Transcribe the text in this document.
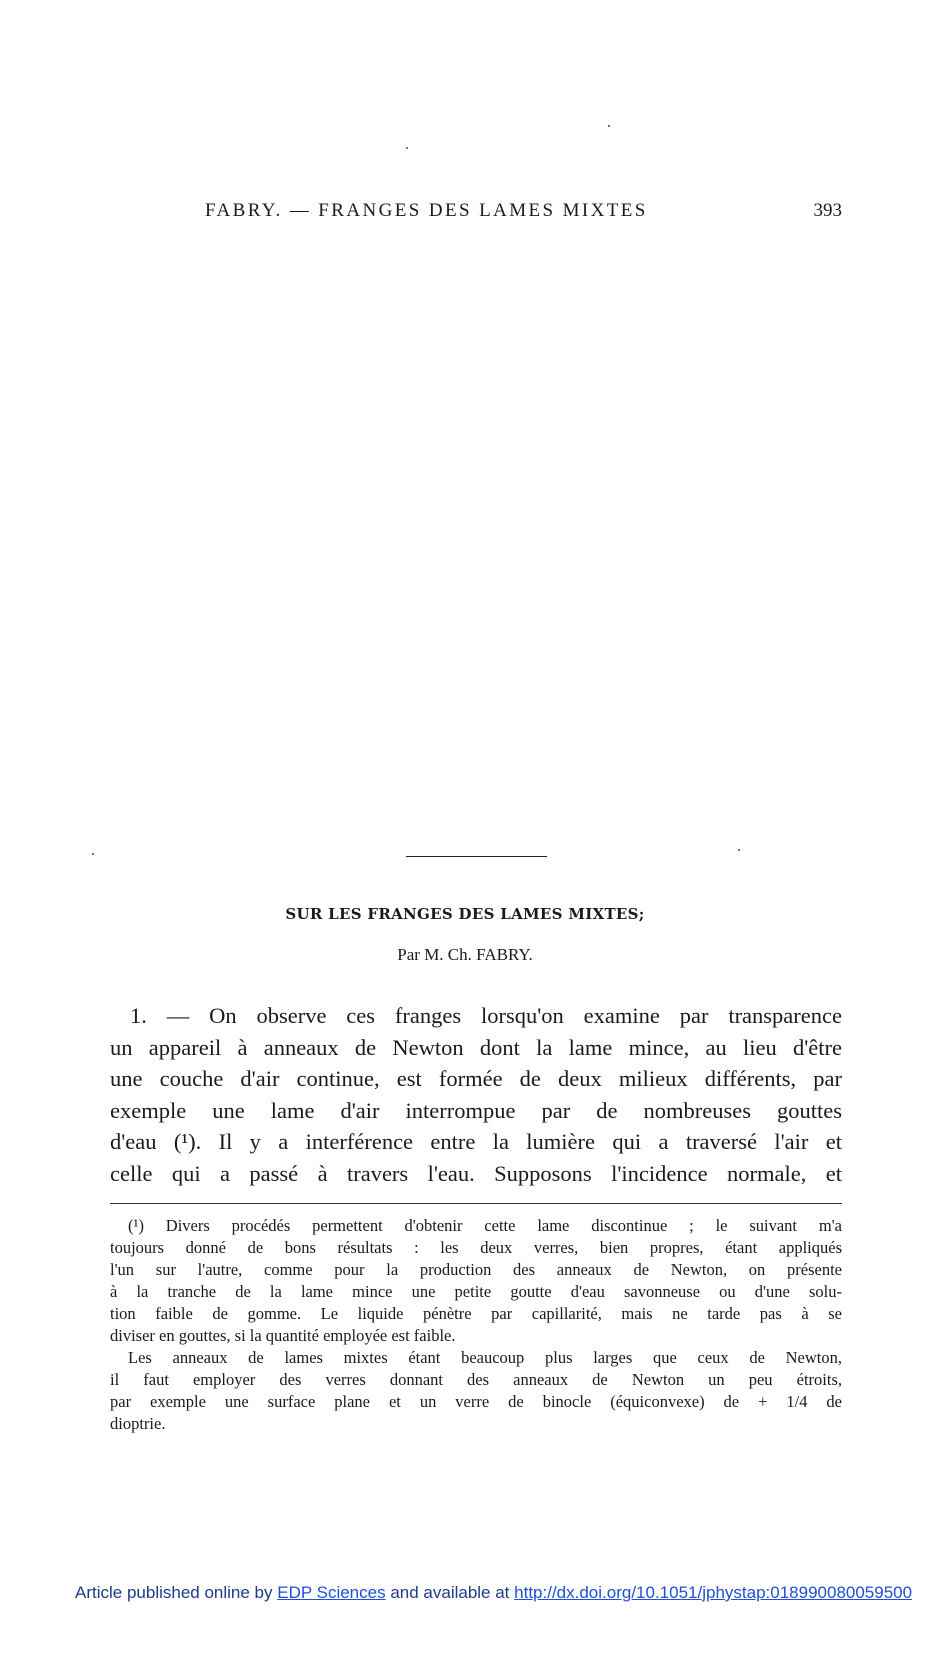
FABRY. — FRANGES DES LAMES MIXTES	393
SUR LES FRANGES DES LAMES MIXTES;
Par M. Ch. FABRY.
1. — On observe ces franges lorsqu'on examine par transparence
un appareil à anneaux de Newton dont la lame mince, au lieu d'être
une couche d'air continue, est formée de deux milieux différents, par
exemple une lame d'air interrompue par de nombreuses gouttes
d'eau (¹). Il y a interférence entre la lumière qui a traversé l'air et
celle qui a passé à travers l'eau. Supposons l'incidence normale, et
(¹) Divers procédés permettent d'obtenir cette lame discontinue ; le suivant m'a
toujours donné de bons résultats : les deux verres, bien propres, étant appliqués
l'un sur l'autre, comme pour la production des anneaux de Newton, on présente
à la tranche de la lame mince une petite goutte d'eau savonneuse ou d'une solu-
tion faible de gomme. Le liquide pénètre par capillarité, mais ne tarde pas à se
diviser en gouttes, si la quantité employée est faible.
Les anneaux de lames mixtes étant beaucoup plus larges que ceux de Newton,
il faut employer des verres donnant des anneaux de Newton un peu étroits,
par exemple une surface plane et un verre de binocle (équiconvexe) de + 1/4 de
dioptrie.
Article published online by EDP Sciences and available at http://dx.doi.org/10.1051/jphystap:018990080059500
